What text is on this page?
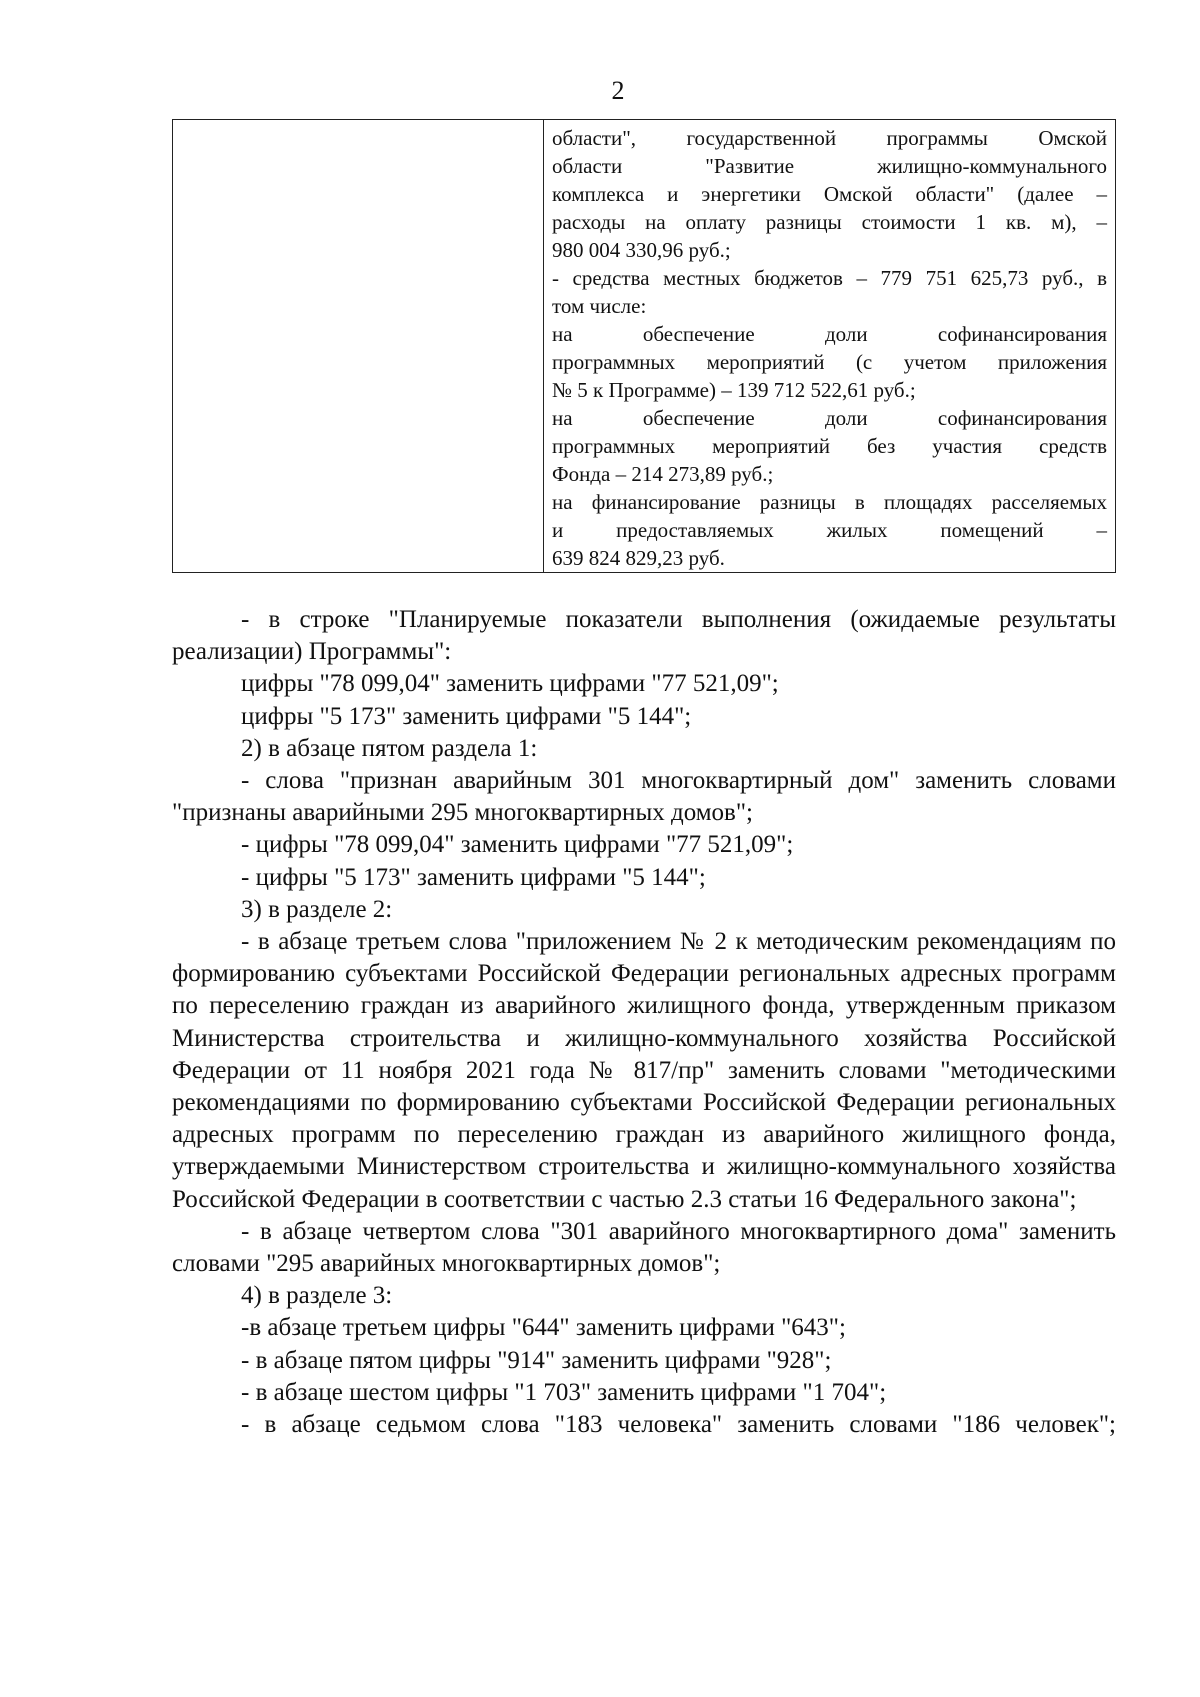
2

области", государственной программы Омской
области "Развитие жилищно-коммунального
комплекса и энергетики Омской области" (далее –
расходы на оплату разницы стоимости 1 кв. м), –
980 004 330,96 руб.;
- средства местных бюджетов – 779 751 625,73 руб., в
том числе:
на обеспечение доли софинансирования
программных мероприятий (с учетом приложения
№ 5 к Программе) – 139 712 522,61 руб.;
на обеспечение доли софинансирования
программных мероприятий без участия средств
Фонда – 214 273,89 руб.;
на финансирование разницы в площадях расселяемых
и предоставляемых жилых помещений –
639 824 829,23 руб.

- в строке "Планируемые показатели выполнения (ожидаемые результаты реализации) Программы":

цифры "78 099,04" заменить цифрами "77 521,09";

цифры "5 173" заменить цифрами "5 144";

2) в абзаце пятом раздела 1:

- слова "признан аварийным 301 многоквартирный дом" заменить словами "признаны аварийными 295 многоквартирных домов";

- цифры "78 099,04" заменить цифрами "77 521,09";

- цифры "5 173" заменить цифрами "5 144";

3) в разделе 2:

- в абзаце третьем слова "приложением № 2 к методическим рекомендациям по формированию субъектами Российской Федерации региональных адресных программ по переселению граждан из аварийного жилищного фонда, утвержденным приказом Министерства строительства и жилищно-коммунального хозяйства Российской Федерации от 11 ноября 2021 года № 817/пр" заменить словами "методическими рекомендациями по формированию субъектами Российской Федерации региональных адресных программ по переселению граждан из аварийного жилищного фонда, утверждаемыми Министерством строительства и жилищно-коммунального хозяйства Российской Федерации в соответствии с частью 2.3 статьи 16 Федерального закона";

- в абзаце четвертом слова "301 аварийного многоквартирного дома" заменить словами "295 аварийных многоквартирных домов";

4) в разделе 3:

-в абзаце третьем цифры "644" заменить цифрами "643";

- в абзаце пятом цифры "914" заменить цифрами "928";

- в абзаце шестом цифры "1 703" заменить цифрами "1 704";

- в абзаце седьмом слова "183 человека" заменить словами "186 человек";
